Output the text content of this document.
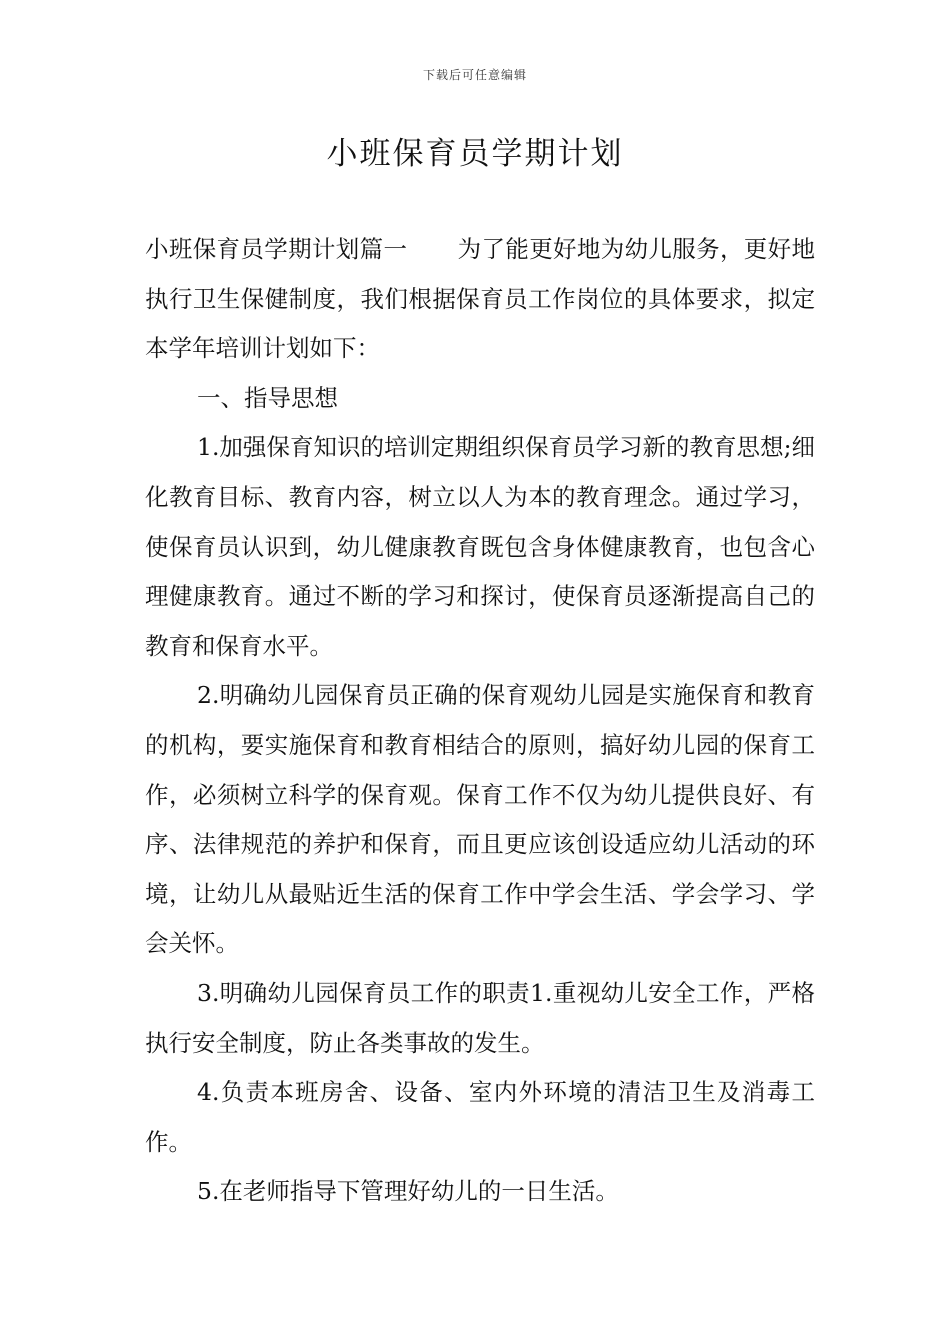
下载后可任意编辑
小班保育员学期计划

小班保育员学期计划篇一 为了能更好地为幼儿服务，更好地执行卫生保健制度，我们根据保育员工作岗位的具体要求，拟定本学年培训计划如下：

一、指导思想

1.加强保育知识的培训定期组织保育员学习新的教育思想;细化教育目标、教育内容，树立以人为本的教育理念。通过学习，使保育员认识到，幼儿健康教育既包含身体健康教育，也包含心理健康教育。通过不断的学习和探讨，使保育员逐渐提高自己的教育和保育水平。

2.明确幼儿园保育员正确的保育观幼儿园是实施保育和教育的机构，要实施保育和教育相结合的原则，搞好幼儿园的保育工作，必须树立科学的保育观。保育工作不仅为幼儿提供良好、有序、法律规范的养护和保育，而且更应该创设适应幼儿活动的环境，让幼儿从最贴近生活的保育工作中学会生活、学会学习、学会关怀。

3.明确幼儿园保育员工作的职责1.重视幼儿安全工作，严格执行安全制度，防止各类事故的发生。

4.负责本班房舍、设备、室内外环境的清洁卫生及消毒工作。

5.在老师指导下管理好幼儿的一日生活。
